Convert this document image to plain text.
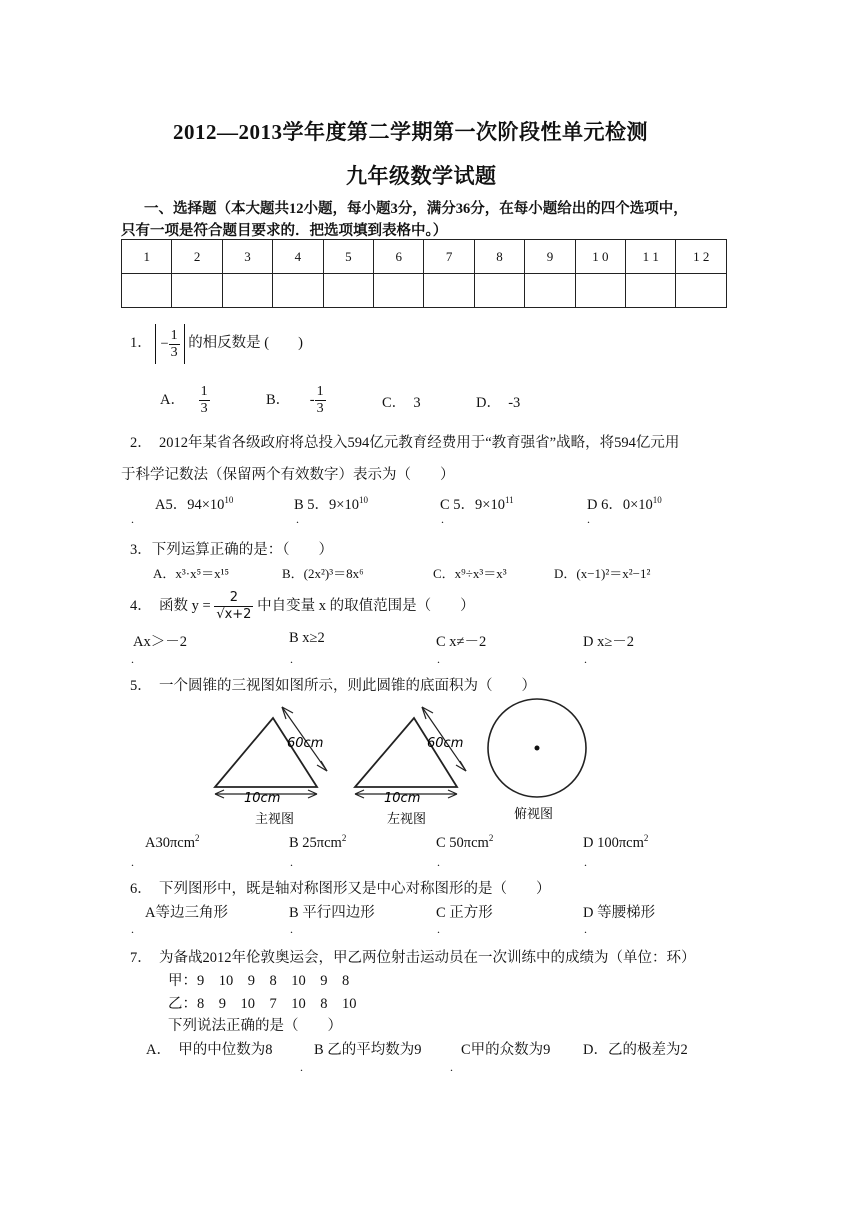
2012—2013学年度第二学期第一次阶段性单元检测
九年级数学试题
一、选择题（本大题共12小题，每小题3分，满分36分，在每小题给出的四个选项中，
只有一项是符合题目要求的．把选项填到表格中。）
1	2	3	4	5	6	7	8	9	1 0	1 1	1 2

1． − $\frac{1}{3}$ 的相反数是 (　　)
A． $\frac{1}{3}$	B． - $\frac{1}{3}$	C．　3	D．　-3
2．　2012年某省各级政府将总投入594亿元教育经费用于“教育强省”战略，将594亿元用
于科学记数法（保留两个有效数字）表示为（　　）
A5．$94\times 10^{10}$	B 5．$9\times 10^{10}$	C 5．$9\times 10^{11}$	D 6．$0\times 10^{10}$
.	.	.	.
3．下列运算正确的是：（　　）
A．x³·x⁵＝x¹⁵	B．(2x²)³＝8x⁶	C．x⁹÷x³＝x³	D．(x−1)²＝x²−1²
4．　函数 $y = \frac{2}{√x+2}$ 中自变量 x 的取值范围是（　　）
Ax＞－2	B x≥2	C x≠－2	D x≥－2
.	.	.	.
5．　一个圆锥的三视图如图所示，则此圆锥的底面积为（　　）
60cm
10cm
主视图
60cm
10cm
左视图	俯视图
A30πcm$^2$	B 25πcm$^2$	C 50πcm$^2$	D 100πcm$^2$
.	.	.	.
6．　下列图形中，既是轴对称图形又是中心对称图形的是（　　）
A等边三角形	B 平行四边形	C 正方形	D 等腰梯形
.	.	.	.
7．　为备战2012年伦敦奥运会，甲乙两位射击运动员在一次训练中的成绩为（单位：环）
甲：9　10　9　8　10　9　8
乙：8　9　10　7　10　8　10
下列说法正确的是（　　）
A．　甲的中位数为8	B 乙的平均数为9	C甲的众数为9 D．乙的极差为2
.	.
